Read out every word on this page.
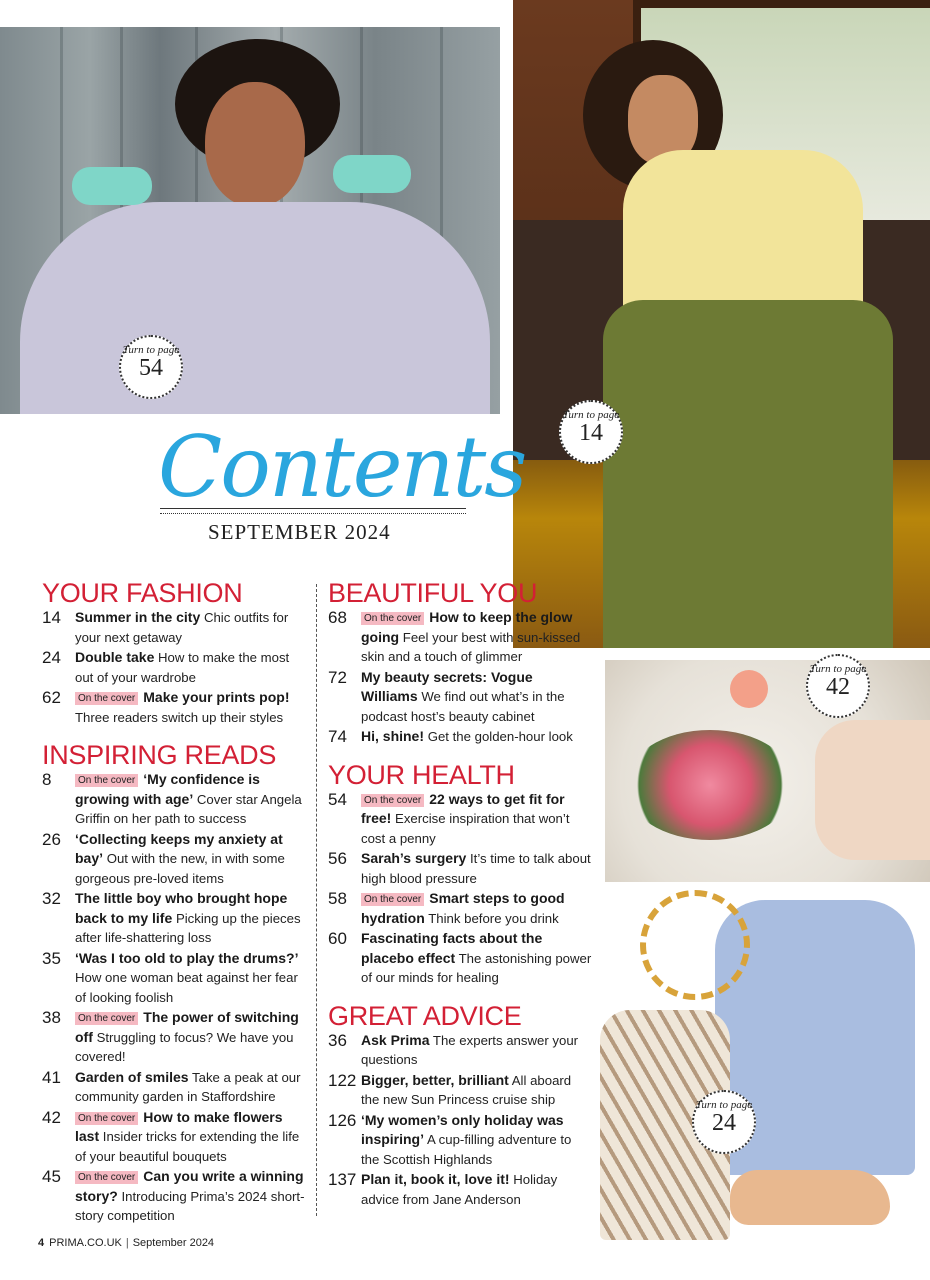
Turn to page
54
Turn to page
14
Turn to page
42
Turn to page
24
Contents
SEPTEMBER 2024
YOUR FASHION
14 Summer in the city Chic outfits for your next getaway
24 Double take How to make the most out of your wardrobe
62 On the cover Make your prints pop! Three readers switch up their styles
INSPIRING READS
8	On the cover ‘My confidence is growing with age’ Cover star Angela Griffin on her path to success
26 ‘Collecting keeps my anxiety at bay’ Out with the new, in with some gorgeous pre-loved items
32 The little boy who brought hope back to my life Picking up the pieces after life-shattering loss
35 ‘Was I too old to play the drums?’ How one woman beat against her fear of looking foolish
38 On the cover The power of switching off Struggling to focus? We have you covered!
41 Garden of smiles Take a peak at our community garden in Staffordshire
42 On the cover How to make flowers last Insider tricks for extending the life of your beautiful bouquets
45 On the cover Can you write a winning story? Introducing Prima’s 2024 short-story competition
BEAUTIFUL YOU
68 On the cover How to keep the glow going Feel your best with sun-kissed skin and a touch of glimmer
72 My beauty secrets: Vogue Williams We find out what’s in the podcast host’s beauty cabinet
74 Hi, shine! Get the golden-hour look
YOUR HEALTH
54 On the cover 22 ways to get fit for free! Exercise inspiration that won’t cost a penny
56 Sarah’s surgery It’s time to talk about high blood pressure
58 On the cover Smart steps to good hydration Think before you drink
60 Fascinating facts about the placebo effect The astonishing power of our minds for healing
GREAT ADVICE
36 Ask Prima The experts answer your questions
122 Bigger, better, brilliant All aboard the new Sun Princess cruise ship
126 ‘My women’s only holiday was inspiring’ A cup-filling adventure to the Scottish Highlands
137 Plan it, book it, love it! Holiday advice from Jane Anderson
4 PRIMA.CO.UK | September 2024
